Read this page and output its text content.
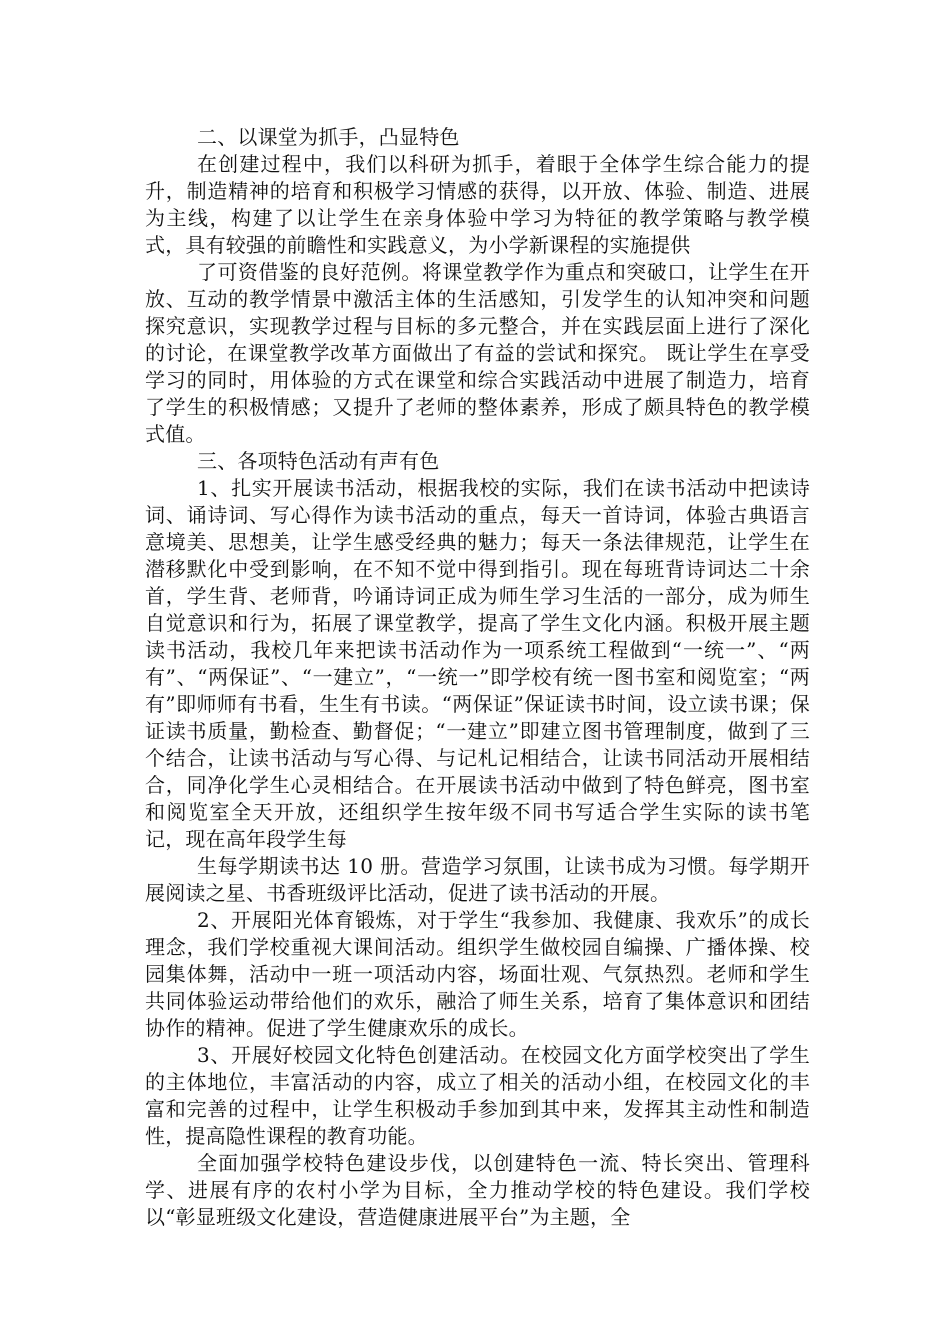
二、以课堂为抓手，凸显特色

在创建过程中，我们以科研为抓手，着眼于全体学生综合能力的提升，制造精神的培育和积极学习情感的获得，以开放、体验、制造、进展为主线，构建了以让学生在亲身体验中学习为特征的教学策略与教学模式，具有较强的前瞻性和实践意义，为小学新课程的实施提供

了可资借鉴的良好范例。将课堂教学作为重点和突破口，让学生在开放、互动的教学情景中激活主体的生活感知，引发学生的认知冲突和问题探究意识，实现教学过程与目标的多元整合，并在实践层面上进行了深化的讨论，在课堂教学改革方面做出了有益的尝试和探究。 既让学生在享受学习的同时，用体验的方式在课堂和综合实践活动中进展了制造力，培育了学生的积极情感；又提升了老师的整体素养，形成了颇具特色的教学模式值。

三、各项特色活动有声有色

1、扎实开展读书活动，根据我校的实际，我们在读书活动中把读诗词、诵诗词、写心得作为读书活动的重点，每天一首诗词，体验古典语言意境美、思想美，让学生感受经典的魅力；每天一条法律规范，让学生在潜移默化中受到影响，在不知不觉中得到指引。现在每班背诗词达二十余首，学生背、老师背，吟诵诗词正成为师生学习生活的一部分，成为师生自觉意识和行为，拓展了课堂教学，提高了学生文化内涵。积极开展主题读书活动，我校几年来把读书活动作为一项系统工程做到“一统一”、“两有”、“两保证”、“一建立”，“一统一”即学校有统一图书室和阅览室；“两有”即师师有书看，生生有书读。“两保证”保证读书时间，设立读书课；保证读书质量，勤检查、勤督促；“一建立”即建立图书管理制度，做到了三个结合，让读书活动与写心得、与记札记相结合，让读书同活动开展相结合，同净化学生心灵相结合。在开展读书活动中做到了特色鲜亮，图书室和阅览室全天开放，还组织学生按年级不同书写适合学生实际的读书笔记，现在高年段学生每

生每学期读书达 10 册。营造学习氛围，让读书成为习惯。每学期开展阅读之星、书香班级评比活动，促进了读书活动的开展。

2、开展阳光体育锻炼，对于学生“我参加、我健康、我欢乐”的成长理念，我们学校重视大课间活动。组织学生做校园自编操、广播体操、校园集体舞，活动中一班一项活动内容，场面壮观、气氛热烈。老师和学生共同体验运动带给他们的欢乐，融洽了师生关系，培育了集体意识和团结协作的精神。促进了学生健康欢乐的成长。

3、开展好校园文化特色创建活动。在校园文化方面学校突出了学生的主体地位，丰富活动的内容，成立了相关的活动小组，在校园文化的丰富和完善的过程中，让学生积极动手参加到其中来，发挥其主动性和制造性，提高隐性课程的教育功能。

全面加强学校特色建设步伐，以创建特色一流、特长突出、管理科学、进展有序的农村小学为目标，全力推动学校的特色建设。我们学校以“彰显班级文化建设，营造健康进展平台”为主题，全
